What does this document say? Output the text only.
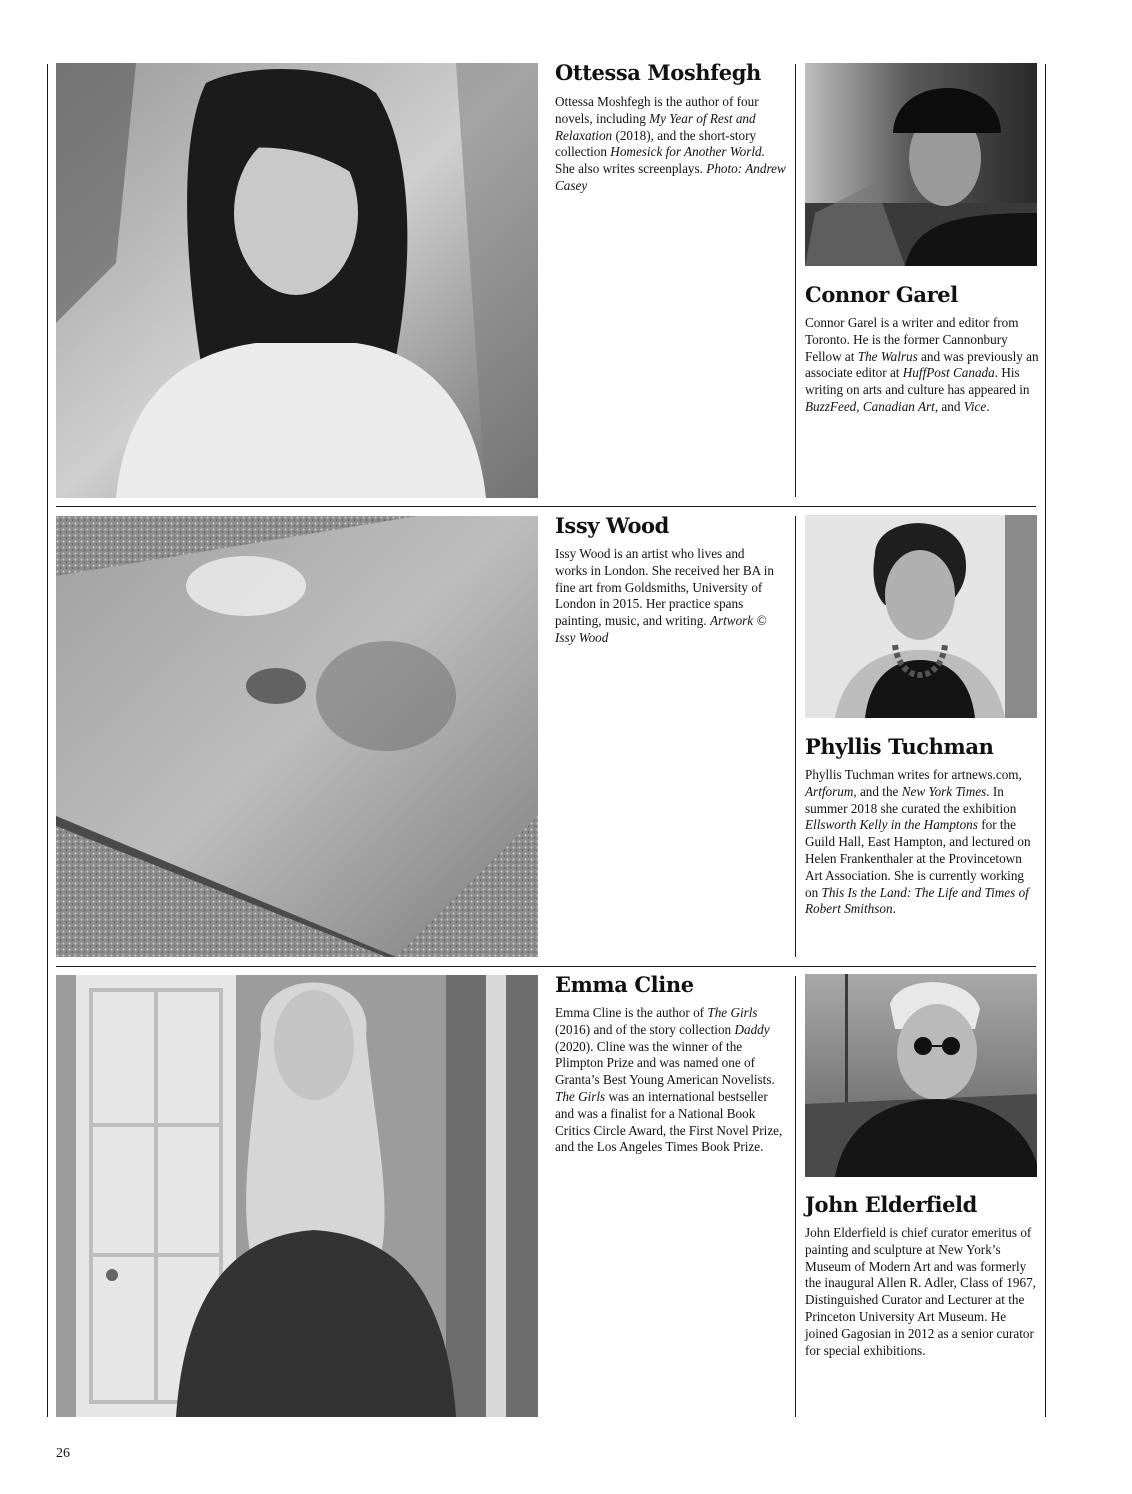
Ottessa Moshfegh

Ottessa Moshfegh is the author of four novels, including My Year of Rest and Relaxation (2018), and the short-story collection Homesick for Another World. She also writes screenplays. Photo: Andrew Casey

Connor Garel

Connor Garel is a writer and editor from Toronto. He is the former Cannonbury Fellow at The Walrus and was previously an associate editor at HuffPost Canada. His writing on arts and culture has appeared in BuzzFeed, Canadian Art, and Vice.

Issy Wood

Issy Wood is an artist who lives and works in London. She received her BA in fine art from Goldsmiths, University of London in 2015. Her practice spans painting, music, and writing. Artwork © Issy Wood

Phyllis Tuchman

Phyllis Tuchman writes for artnews.com, Artforum, and the New York Times. In summer 2018 she curated the exhibition Ellsworth Kelly in the Hamptons for the Guild Hall, East Hampton, and lectured on Helen Frankenthaler at the Provincetown Art Association. She is currently working on This Is the Land: The Life and Times of Robert Smithson.

Emma Cline

Emma Cline is the author of The Girls (2016) and of the story collection Daddy (2020). Cline was the winner of the Plimpton Prize and was named one of Granta’s Best Young American Novelists. The Girls was an international bestseller and was a finalist for a National Book Critics Circle Award, the First Novel Prize, and the Los Angeles Times Book Prize.

John Elderfield

John Elderfield is chief curator emeritus of painting and sculpture at New York’s Museum of Modern Art and was formerly the inaugural Allen R. Adler, Class of 1967, Distinguished Curator and Lecturer at the Princeton University Art Museum. He joined Gagosian in 2012 as a senior curator for special exhibitions.

26
